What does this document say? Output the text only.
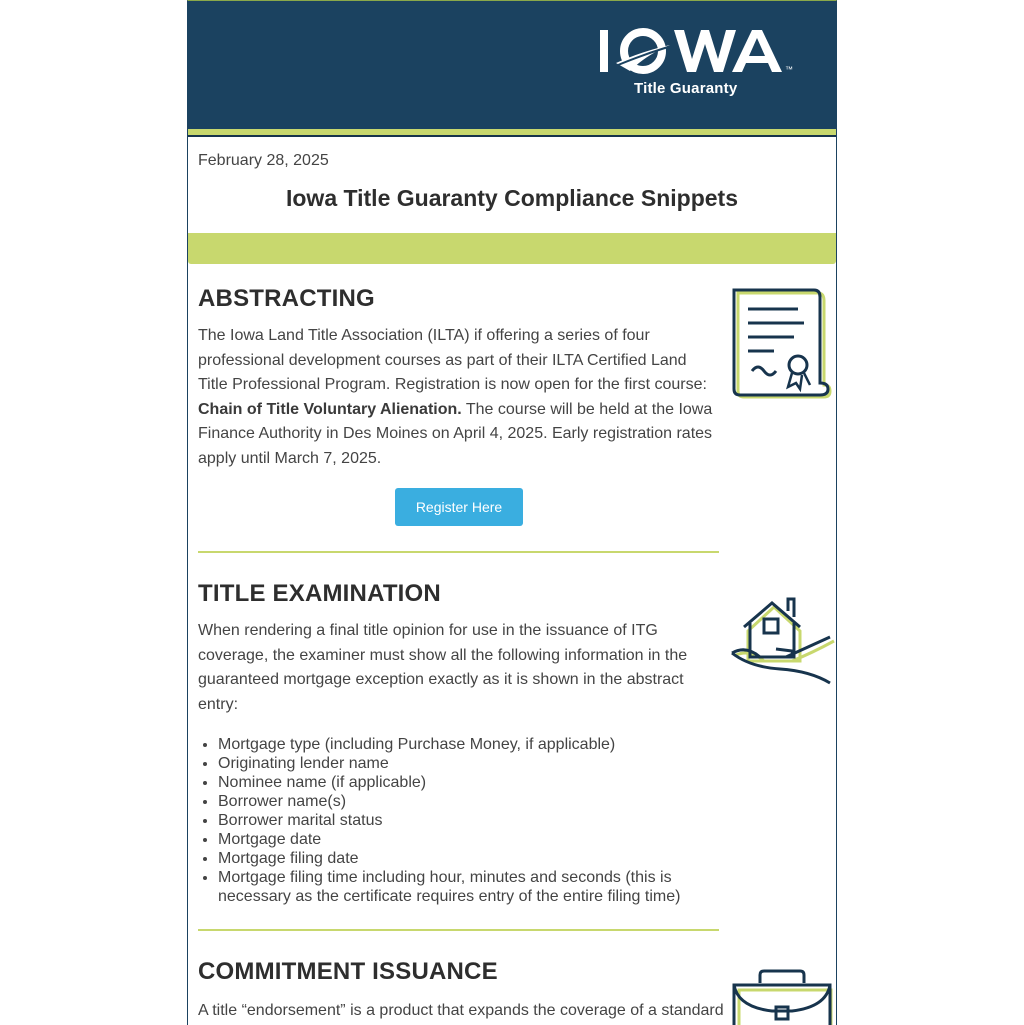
™
Title Guaranty
February 28, 2025
Iowa Title Guaranty Compliance Snippets
ABSTRACTING

The Iowa Land Title Association (ILTA) if offering a series of four professional development courses as part of their ILTA Certified Land Title Professional Program. Registration is now open for the first course: Chain of Title Voluntary Alienation. The course will be held at the Iowa Finance Authority in Des Moines on April 4, 2025. Early registration rates apply until March 7, 2025.

Register Here
TITLE EXAMINATION

When rendering a final title opinion for use in the issuance of ITG coverage, the examiner must show all the following information in the guaranteed mortgage exception exactly as it is shown in the abstract entry:

• Mortgage type (including Purchase Money, if applicable)
• Originating lender name
• Nominee name (if applicable)
• Borrower name(s)
• Borrower marital status
• Mortgage date
• Mortgage filing date
• Mortgage filing time including hour, minutes and seconds (this is necessary as the certificate requires entry of the entire filing time)
COMMITMENT ISSUANCE

A title “endorsement” is a product that expands the coverage of a standard
